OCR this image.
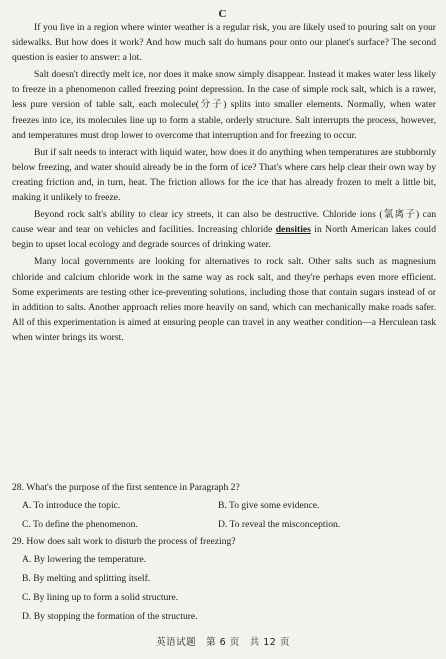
C

If you live in a region where winter weather is a regular risk, you are likely used to pouring salt on your sidewalks. But how does it work? And how much salt do humans pour onto our planet's surface? The second question is easier to answer: a lot.

Salt doesn't directly melt ice, nor does it make snow simply disappear. Instead it makes water less likely to freeze in a phenomenon called freezing point depression. In the case of simple rock salt, which is a rawer, less pure version of table salt, each molecule(分子) splits into smaller elements. Normally, when water freezes into ice, its molecules line up to form a stable, orderly structure. Salt interrupts the process, however, and temperatures must drop lower to overcome that interruption and for freezing to occur.

But if salt needs to interact with liquid water, how does it do anything when temperatures are stubbornly below freezing, and water should already be in the form of ice? That's where cars help clear their own way by creating friction and, in turn, heat. The friction allows for the ice that has already frozen to melt a little bit, making it unlikely to freeze.

Beyond rock salt's ability to clear icy streets, it can also be destructive. Chloride ions (氯离子) can cause wear and tear on vehicles and facilities. Increasing chloride densities in North American lakes could begin to upset local ecology and degrade sources of drinking water.

Many local governments are looking for alternatives to rock salt. Other salts such as magnesium chloride and calcium chloride work in the same way as rock salt, and they're perhaps even more efficient. Some experiments are testing other ice-preventing solutions, including those that contain sugars instead of or in addition to salts. Another approach relies more heavily on sand, which can mechanically make roads safer. All of this experimentation is aimed at ensuring people can travel in any weather condition—a Herculean task when winter brings its worst.

28. What's the purpose of the first sentence in Paragraph 2?

A. To introduce the topic.	B. To give some evidence.
C. To define the phenomenon.	D. To reveal the misconception.

29. How does salt work to disturb the process of freezing?

A. By lowering the temperature.
B. By melting and splitting itself.
C. By lining up to form a solid structure.
D. By stopping the formation of the structure.
英语试题　第 6 页　共 12 页
